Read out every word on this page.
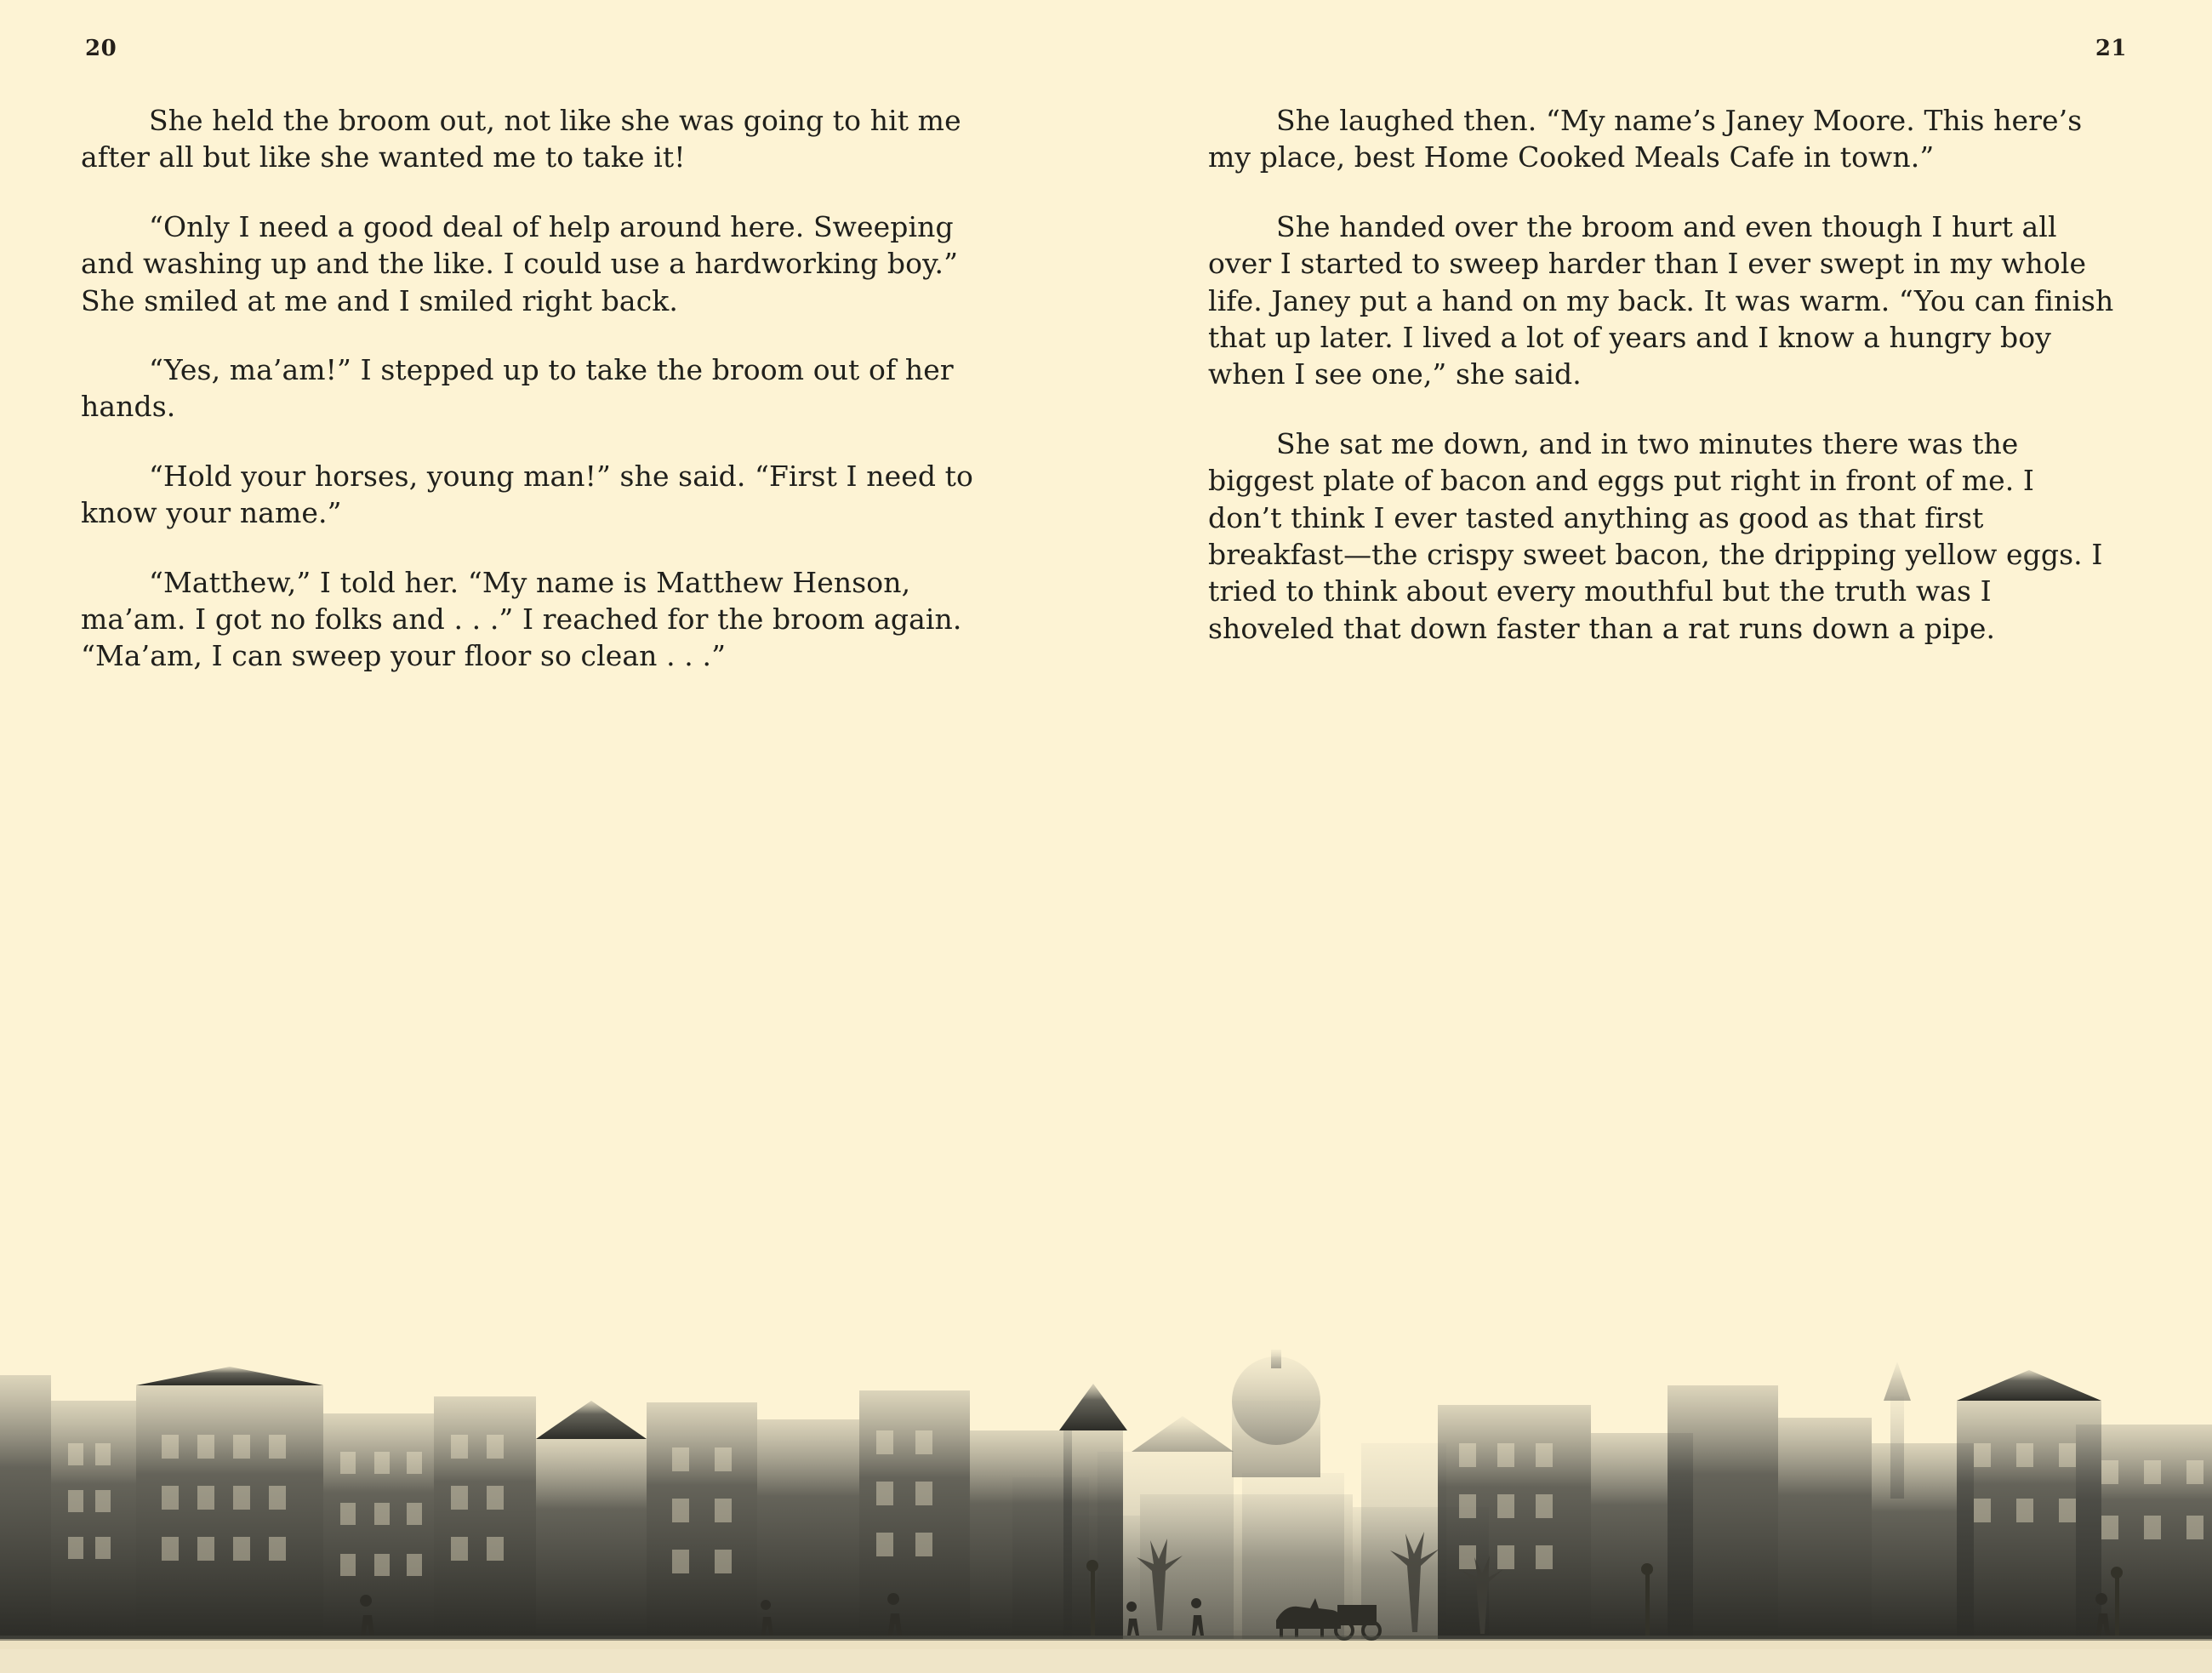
20	21

She held the broom out, not like she was going to hit me after all but like she wanted me to take it!

“Only I need a good deal of help around here. Sweeping and washing up and the like. I could use a hardworking boy.” She smiled at me and I smiled right back.

“Yes, ma’am!” I stepped up to take the broom out of her hands.

“Hold your horses, young man!” she said. “First I need to know your name.”

“Matthew,” I told her. “My name is Matthew Henson, ma’am. I got no folks and . . .” I reached for the broom again. “Ma’am, I can sweep your floor so clean . . .”

She laughed then. “My name’s Janey Moore. This here’s my place, best Home Cooked Meals Cafe in town.”

She handed over the broom and even though I hurt all over I started to sweep harder than I ever swept in my whole life. Janey put a hand on my back. It was warm. “You can finish that up later. I lived a lot of years and I know a hungry boy when I see one,” she said.

She sat me down, and in two minutes there was the biggest plate of bacon and eggs put right in front of me. I don’t think I ever tasted anything as good as that first breakfast—the crispy sweet bacon, the dripping yellow eggs. I tried to think about every mouthful but the truth was I shoveled that down faster than a rat runs down a pipe.
